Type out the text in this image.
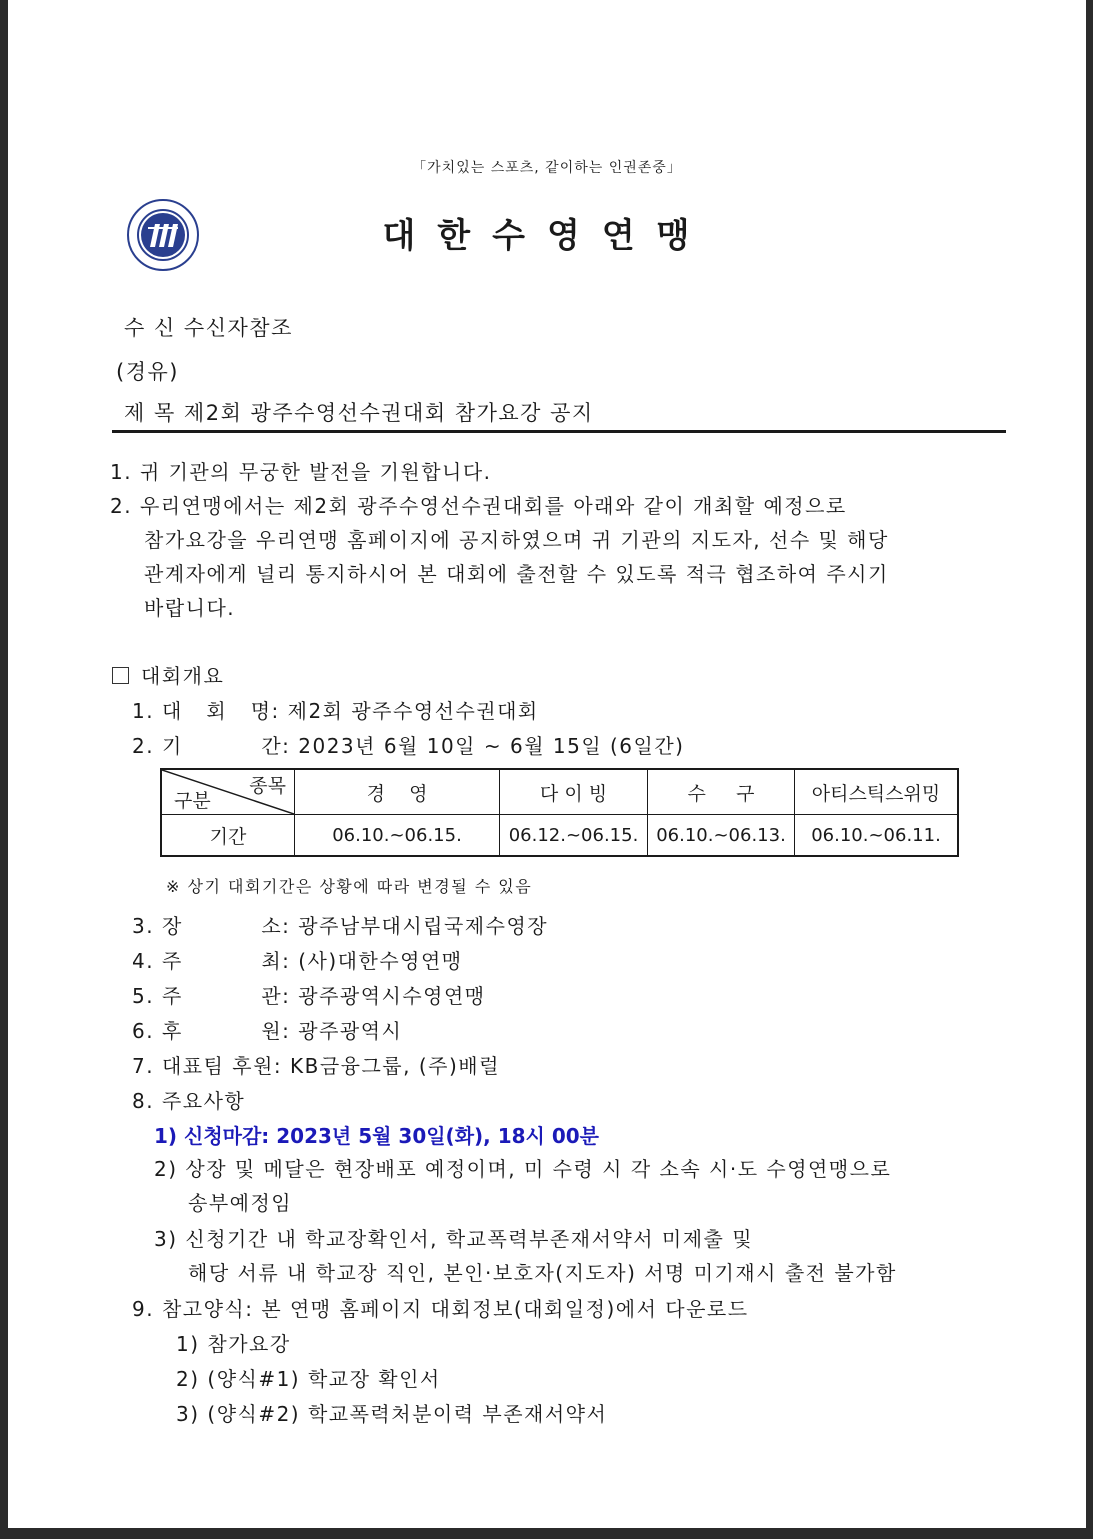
「가치있는 스포츠, 같이하는 인권존중」
대한수영연맹
수 신 수신자참조
(경유)
제 목 제2회 광주수영선수권대회 참가요강 공지
1. 귀 기관의 무궁한 발전을 기원합니다.
2. 우리연맹에서는 제2회 광주수영선수권대회를 아래와 같이 개최할 예정으로
참가요강을 우리연맹 홈페이지에 공지하였으며 귀 기관의 지도자, 선수 및 해당
관계자에게 널리 통지하시어 본 대회에 출전할 수 있도록 적극 협조하여 주시기
바랍니다.
대회개요
1. 대   회   명: 제2회 광주수영선수권대회
2. 기          간: 2023년 6월 10일 ~ 6월 15일 (6일간)
종목
구분	경    영	다 이 빙	수     구	아티스틱스위밍
기간	06.10.~06.15.	06.12.~06.15.	06.10.~06.13.	06.10.~06.11.
※ 상기 대회기간은 상황에 따라 변경될 수 있음
3. 장          소: 광주남부대시립국제수영장
4. 주          최: (사)대한수영연맹
5. 주          관: 광주광역시수영연맹
6. 후          원: 광주광역시
7. 대표팀 후원: KB금융그룹, (주)배럴
8. 주요사항
1) 신청마감: 2023년 5월 30일(화), 18시 00분
2) 상장 및 메달은 현장배포 예정이며, 미 수령 시 각 소속 시·도 수영연맹으로
송부예정임
3) 신청기간 내 학교장확인서, 학교폭력부존재서약서 미제출 및
해당 서류 내 학교장 직인, 본인·보호자(지도자) 서명 미기재시 출전 불가함
9. 참고양식: 본 연맹 홈페이지 대회정보(대회일정)에서 다운로드
1) 참가요강
2) (양식#1) 학교장 확인서
3) (양식#2) 학교폭력처분이력 부존재서약서
